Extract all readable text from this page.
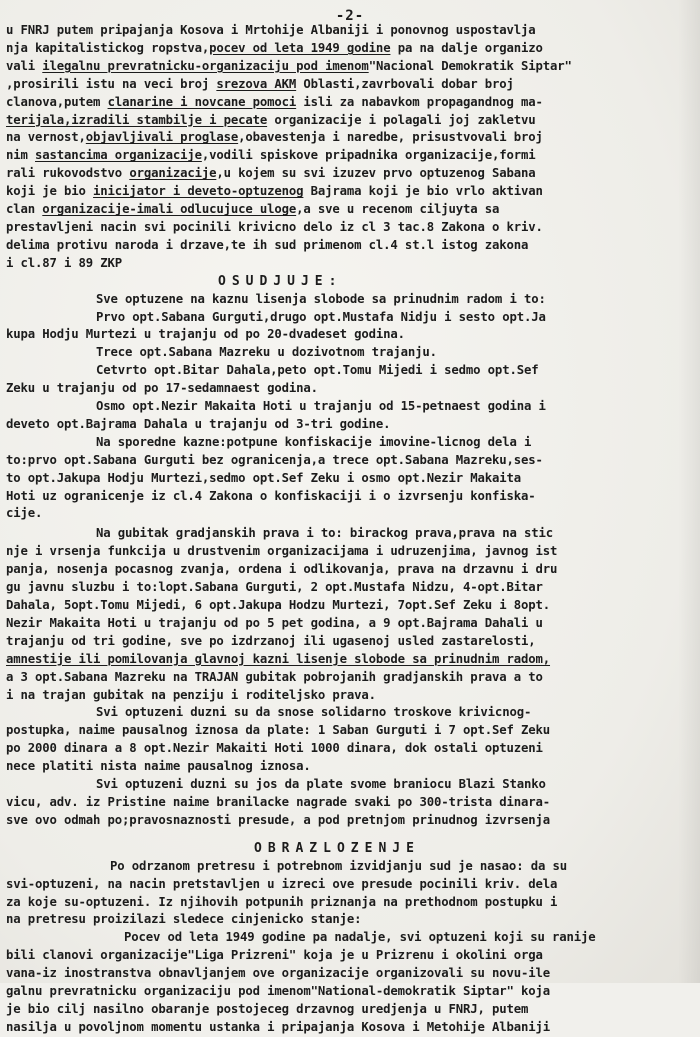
-2-
u FNRJ putem pripajanja Kosova i Mrtohije Albaniji i ponovnog uspostavlja
nja kapitalistickog ropstva,pocev od leta 1949 godine pa na dalje organizo
vali ilegalnu prevratnicku-organizaciju pod imenom"Nacional Demokratik Siptar"
,prosirili istu na veci broj srezova AKM Oblasti,zavrbovali dobar broj
clanova,putem clanarine i novcane pomoci isli za nabavkom propagandnog ma-
terijala,izradili stambilje i pecate organizacije i polagali joj zakletvu
na vernost,objavljivali proglase,obavestenja i naredbe, prisustvovali broj
nim sastancima organizacije,vodili spiskove pripadnika organizacije,formi
rali rukovodstvo organizacije,u kojem su svi izuzev prvo optuzenog Sabana
koji je bio inicijator i deveto-optuzenog Bajrama koji je bio vrlo aktivan
clan organizacije-imali odlucujuce uloge,a sve u recenom ciljuyta sa
prestavljeni nacin svi pocinili krivicno delo iz cl 3 tac.8 Zakona o kriv.
delima protivu naroda i drzave,te ih sud primenom cl.4 st.l istog zakona
i cl.87 i 89 ZKP
OSUDJUJE:
Sve optuzene na kaznu lisenja slobode sa prinudnim radom i to:
Prvo opt.Sabana Gurguti,drugo opt.Mustafa Nidju i sesto opt.Ja
kupa Hodju Murtezi u trajanju od po 20-dvadeset godina.
Trece opt.Sabana Mazreku u dozivotnom trajanju.
Cetvrto opt.Bitar Dahala,peto opt.Tomu Mijedi i sedmo opt.Sef
Zeku u trajanju od po 17-sedamnaest godina.
Osmo opt.Nezir Makaita Hoti u trajanju od 15-petnaest godina i
deveto opt.Bajrama Dahala u trajanju od 3-tri godine.
Na sporedne kazne:potpune konfiskacije imovine-licnog dela i
to:prvo opt.Sabana Gurguti bez ogranicenja,a trece opt.Sabana Mazreku,ses-
to opt.Jakupa Hodju Murtezi,sedmo opt.Sef Zeku i osmo opt.Nezir Makaita
Hoti uz ogranicenje iz cl.4 Zakona o konfiskaciji i o izvrsenju konfiska-
cije.
Na gubitak gradjanskih prava i to: birackog prava,prava na stic
nje i vrsenja funkcija u drustvenim organizacijama i udruzenjima, javnog ist
panja, nosenja pocasnog zvanja, ordena i odlikovanja, prava na drzavnu i dru
gu javnu sluzbu i to:lopt.Sabana Gurguti, 2 opt.Mustafa Nidzu, 4-opt.Bitar
Dahala, 5opt.Tomu Mijedi, 6 opt.Jakupa Hodzu Murtezi, 7opt.Sef Zeku i 8opt.
Nezir Makaita Hoti u trajanju od po 5 pet godina, a 9 opt.Bajrama Dahali u
trajanju od tri godine, sve po izdrzanoj ili ugasenoj usled zastarelosti,
amnestije ili pomilovanja glavnoj kazni lisenje slobode sa prinudnim radom,
a 3 opt.Sabana Mazreku na TRAJAN gubitak pobrojanih gradjanskih prava a to
i na trajan gubitak na penziju i roditeljsko prava.
Svi optuzeni duzni su da snose solidarno troskove krivicnog-
postupka, naime pausalnog iznosa da plate: 1 Saban Gurguti i 7 opt.Sef Zeku
po 2000 dinara a 8 opt.Nezir Makaiti Hoti 1000 dinara, dok ostali optuzeni
nece platiti nista naime pausalnog iznosa.
Svi optuzeni duzni su jos da plate svome braniocu Blazi Stanko
vicu, adv. iz Pristine naime branilacke nagrade svaki po 300-trista dinara-
sve ovo odmah po;pravosnaznosti presude, a pod pretnjom prinudnog izvrsenja
OBRAZLOZENJE
Po odrzanom pretresu i potrebnom izvidjanju sud je nasao: da su
svi-optuzeni, na nacin pretstavljen u izreci ove presude pocinili kriv. dela
za koje su-optuzeni. Iz njihovih potpunih priznanja na prethodnom postupku i
na pretresu proizilazi sledece cinjenicko stanje:
Pocev od leta 1949 godine pa nadalje, svi optuzeni koji su ranije
bili clanovi organizacije"Liga Prizreni" koja je u Prizrenu i okolini orga
vana-iz inostranstva obnavljanjem ove organizacije organizovali su novu-ile
galnu prevratnicku organizaciju pod imenom"National-demokratik Siptar" koja
je bio cilj nasilno obaranje postojeceg drzavnog uredjenja u FNRJ, putem
nasilja u povoljnom momentu ustanka i pripajanja Kosova i Metohije Albaniji
